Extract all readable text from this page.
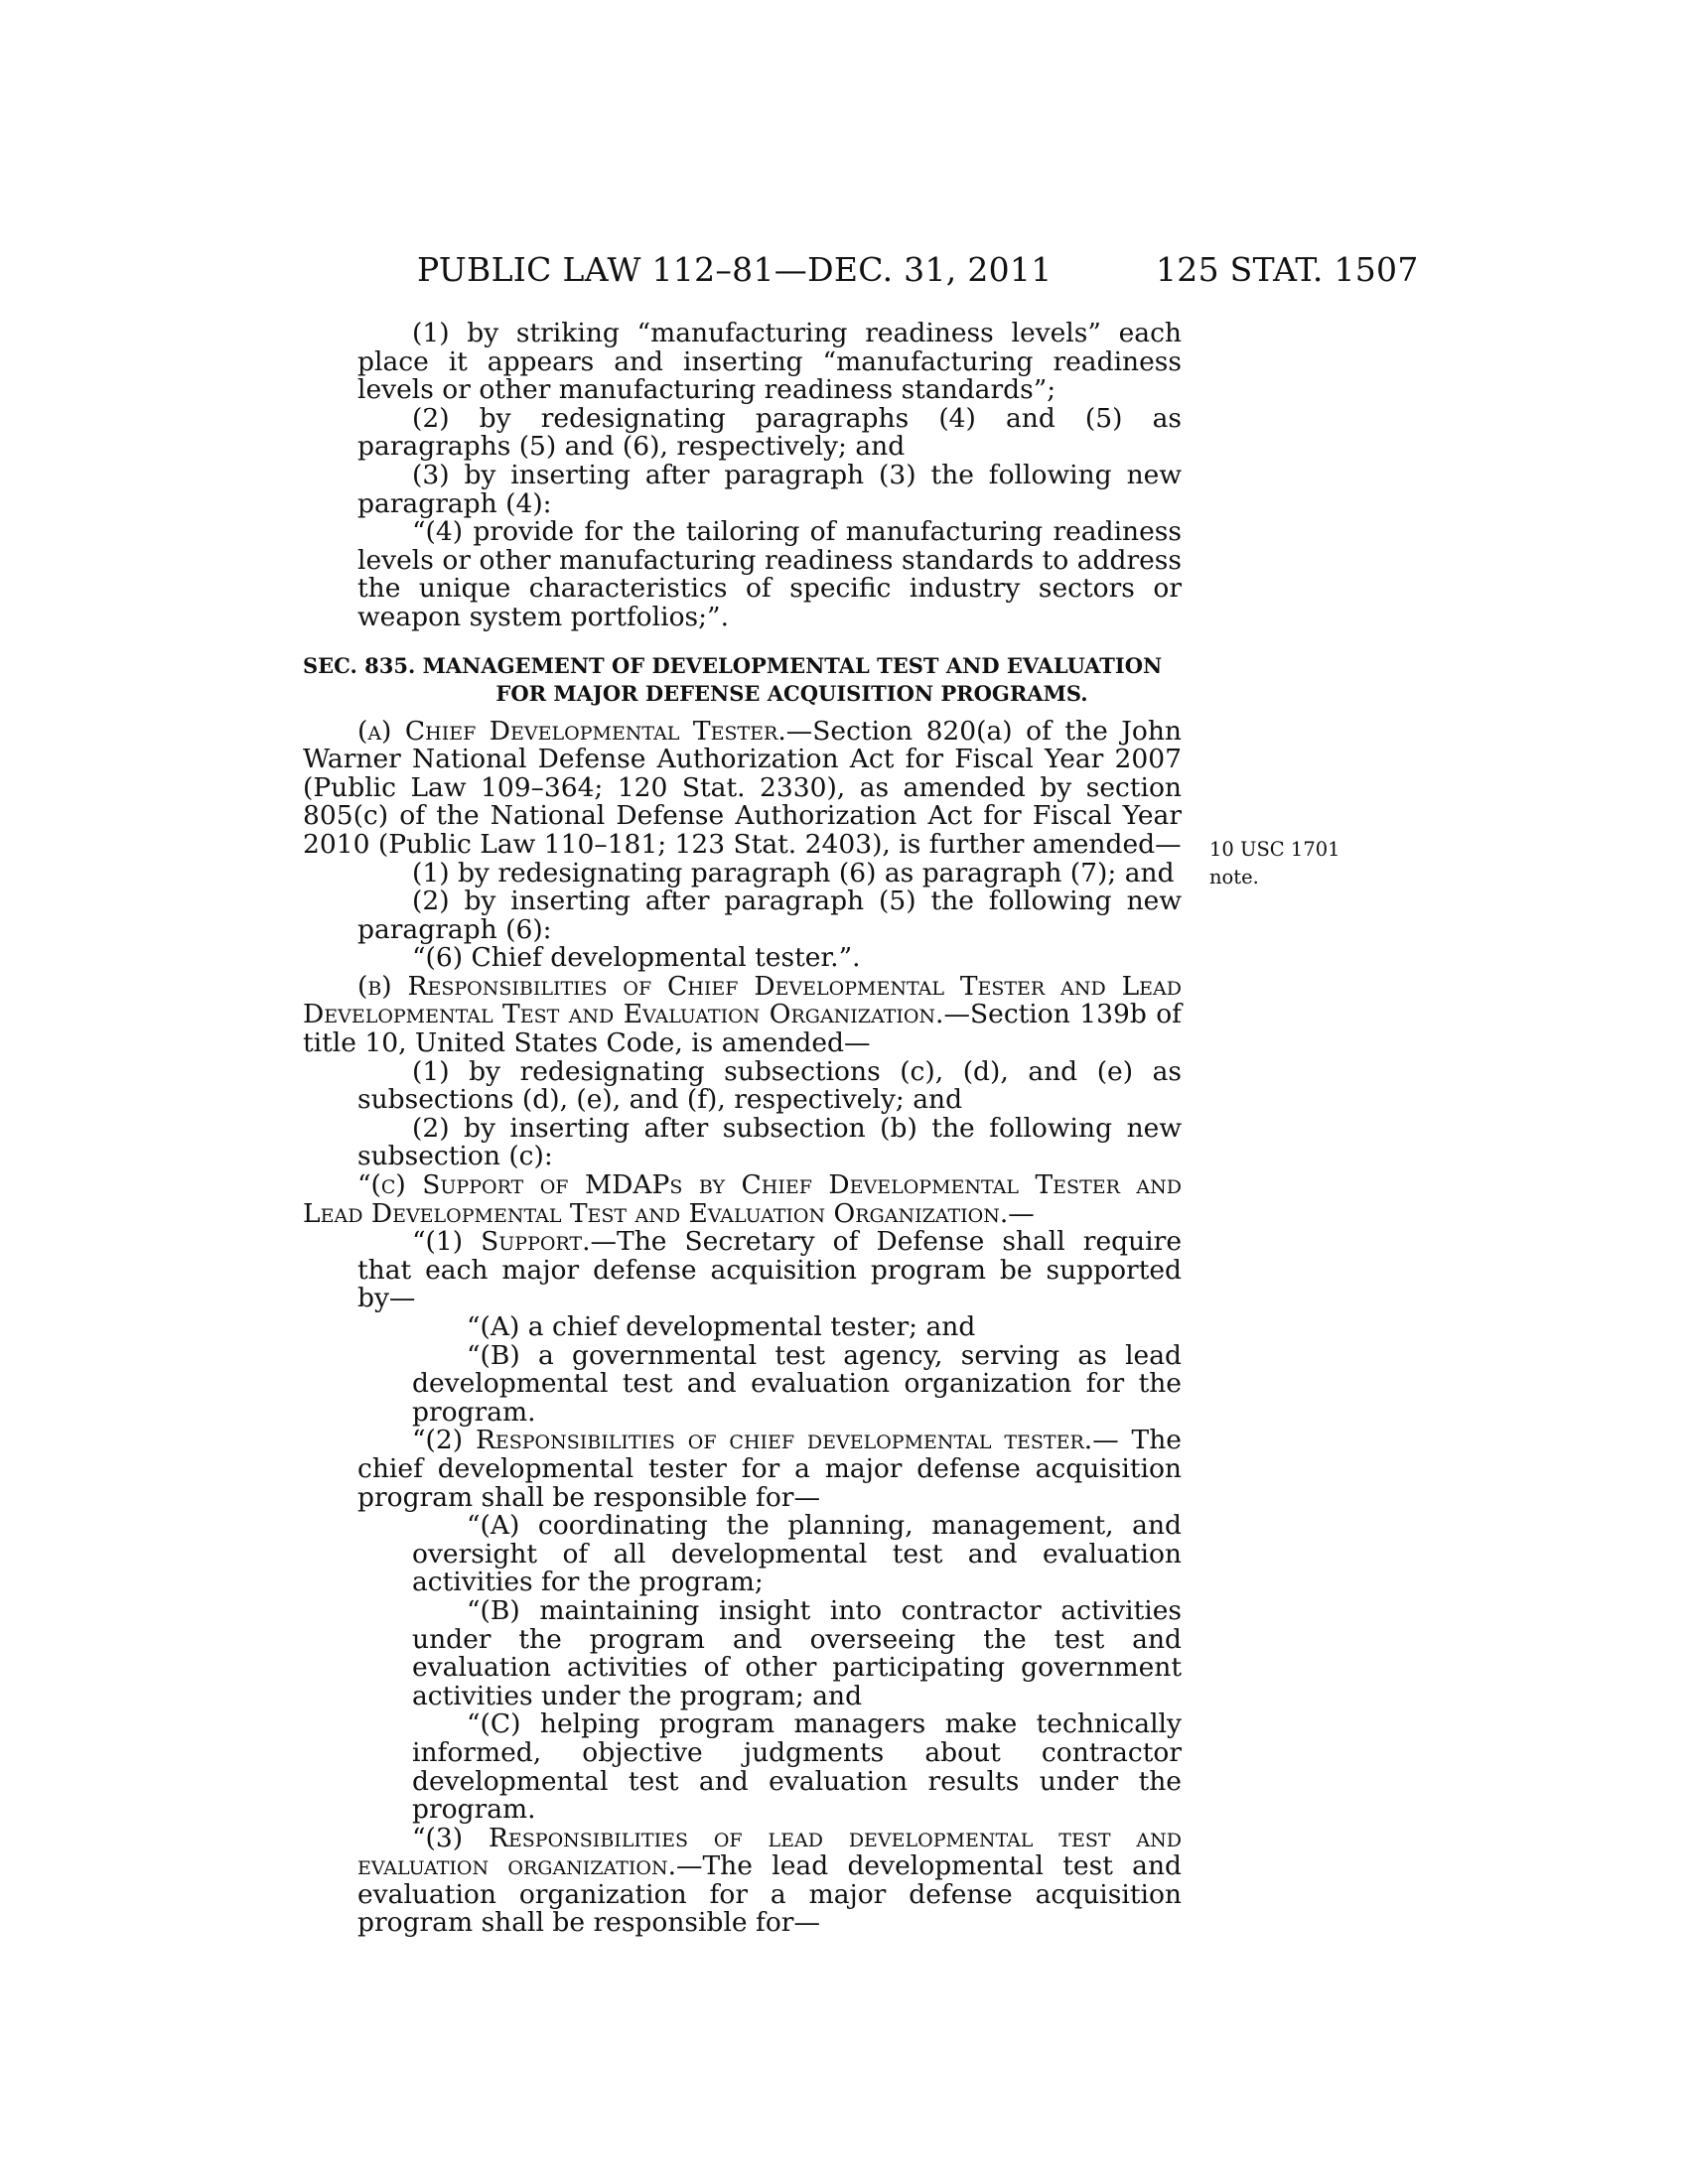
PUBLIC LAW 112–81—DEC. 31, 2011	125 STAT. 1507
10 USC 1701
note.

(1) by striking “manufacturing readiness levels” each place it appears and inserting “manufacturing readiness levels or other manufacturing readiness standards”;

(2) by redesignating paragraphs (4) and (5) as paragraphs (5) and (6), respectively; and

(3) by inserting after paragraph (3) the following new paragraph (4):

“(4) provide for the tailoring of manufacturing readiness levels or other manufacturing readiness standards to address the unique characteristics of specific industry sectors or weapon system portfolios;”.

SEC. 835. MANAGEMENT OF DEVELOPMENTAL TEST AND EVALUATION
FOR MAJOR DEFENSE ACQUISITION PROGRAMS.

(a) Chief Developmental Tester.—Section 820(a) of the John Warner National Defense Authorization Act for Fiscal Year 2007 (Public Law 109–364; 120 Stat. 2330), as amended by section 805(c) of the National Defense Authorization Act for Fiscal Year 2010 (Public Law 110–181; 123 Stat. 2403), is further amended—

(1) by redesignating paragraph (6) as paragraph (7); and

(2) by inserting after paragraph (5) the following new paragraph (6):

“(6) Chief developmental tester.”.

(b) Responsibilities of Chief Developmental Tester and Lead Developmental Test and Evaluation Organization.—Section 139b of title 10, United States Code, is amended—

(1) by redesignating subsections (c), (d), and (e) as subsections (d), (e), and (f), respectively; and

(2) by inserting after subsection (b) the following new subsection (c):

“(c) Support of MDAPs by Chief Developmental Tester and Lead Developmental Test and Evaluation Organization.—

“(1) Support.—The Secretary of Defense shall require that each major defense acquisition program be supported by—

“(A) a chief developmental tester; and

“(B) a governmental test agency, serving as lead developmental test and evaluation organization for the program.

“(2) Responsibilities of chief developmental tester.— The chief developmental tester for a major defense acquisition program shall be responsible for—

“(A) coordinating the planning, management, and oversight of all developmental test and evaluation activities for the program;

“(B) maintaining insight into contractor activities under the program and overseeing the test and evaluation activities of other participating government activities under the program; and

“(C) helping program managers make technically informed, objective judgments about contractor developmental test and evaluation results under the program.

“(3) Responsibilities of lead developmental test and evaluation organization.—The lead developmental test and evaluation organization for a major defense acquisition program shall be responsible for—
